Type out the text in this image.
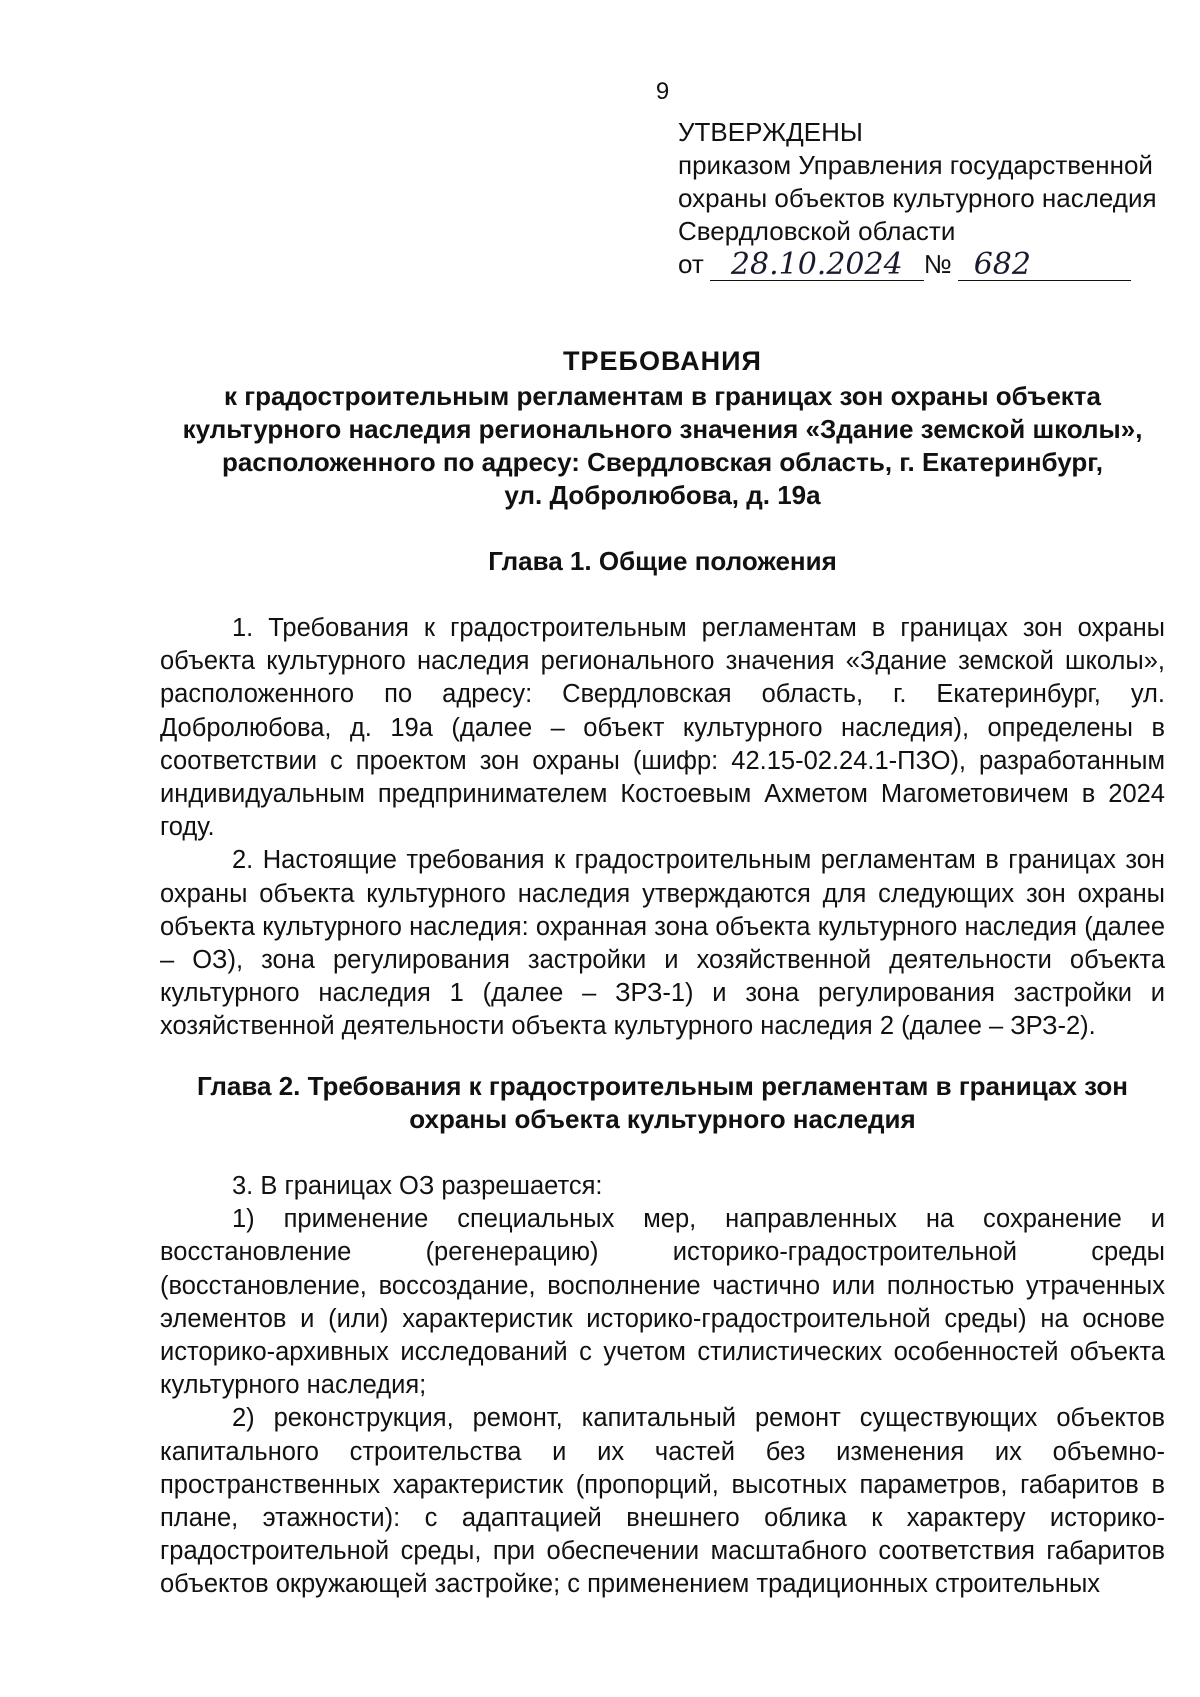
9
УТВЕРЖДЕНЫ
приказом Управления государственной
охраны объектов культурного наследия
Свердловской области
от 28.10.2024 № 682
ТРЕБОВАНИЯ
к градостроительным регламентам в границах зон охраны объекта
культурного наследия регионального значения «Здание земской школы»,
расположенного по адресу: Свердловская область, г. Екатеринбург,
ул. Добролюбова, д. 19а
Глава 1. Общие положения

1. Требования к градостроительным регламентам в границах зон охраны объекта культурного наследия регионального значения «Здание земской школы», расположенного по адресу: Свердловская область, г. Екатеринбург, ул. Добролюбова, д. 19а (далее – объект культурного наследия), определены в соответствии с проектом зон охраны (шифр: 42.15-02.24.1-ПЗО), разработанным индивидуальным предпринимателем Костоевым Ахметом Магометовичем в 2024 году.

2. Настоящие требования к градостроительным регламентам в границах зон охраны объекта культурного наследия утверждаются для следующих зон охраны объекта культурного наследия: охранная зона объекта культурного наследия (далее – ОЗ), зона регулирования застройки и хозяйственной деятельности объекта культурного наследия 1 (далее – ЗРЗ-1) и зона регулирования застройки и хозяйственной деятельности объекта культурного наследия 2 (далее – ЗРЗ-2).

Глава 2. Требования к градостроительным регламентам в границах зон
охраны объекта культурного наследия

3. В границах ОЗ разрешается:

1) применение специальных мер, направленных на сохранение и восстановление (регенерацию) историко-градостроительной среды (восстановление, воссоздание, восполнение частично или полностью утраченных элементов и (или) характеристик историко-градостроительной среды) на основе историко-архивных исследований с учетом стилистических особенностей объекта культурного наследия;

2) реконструкция, ремонт, капитальный ремонт существующих объектов капитального строительства и их частей без изменения их объемно-пространственных характеристик (пропорций, высотных параметров, габаритов в плане, этажности): с адаптацией внешнего облика к характеру историко-градостроительной среды, при обеспечении масштабного соответствия габаритов объектов окружающей застройке; с применением традиционных строительных
